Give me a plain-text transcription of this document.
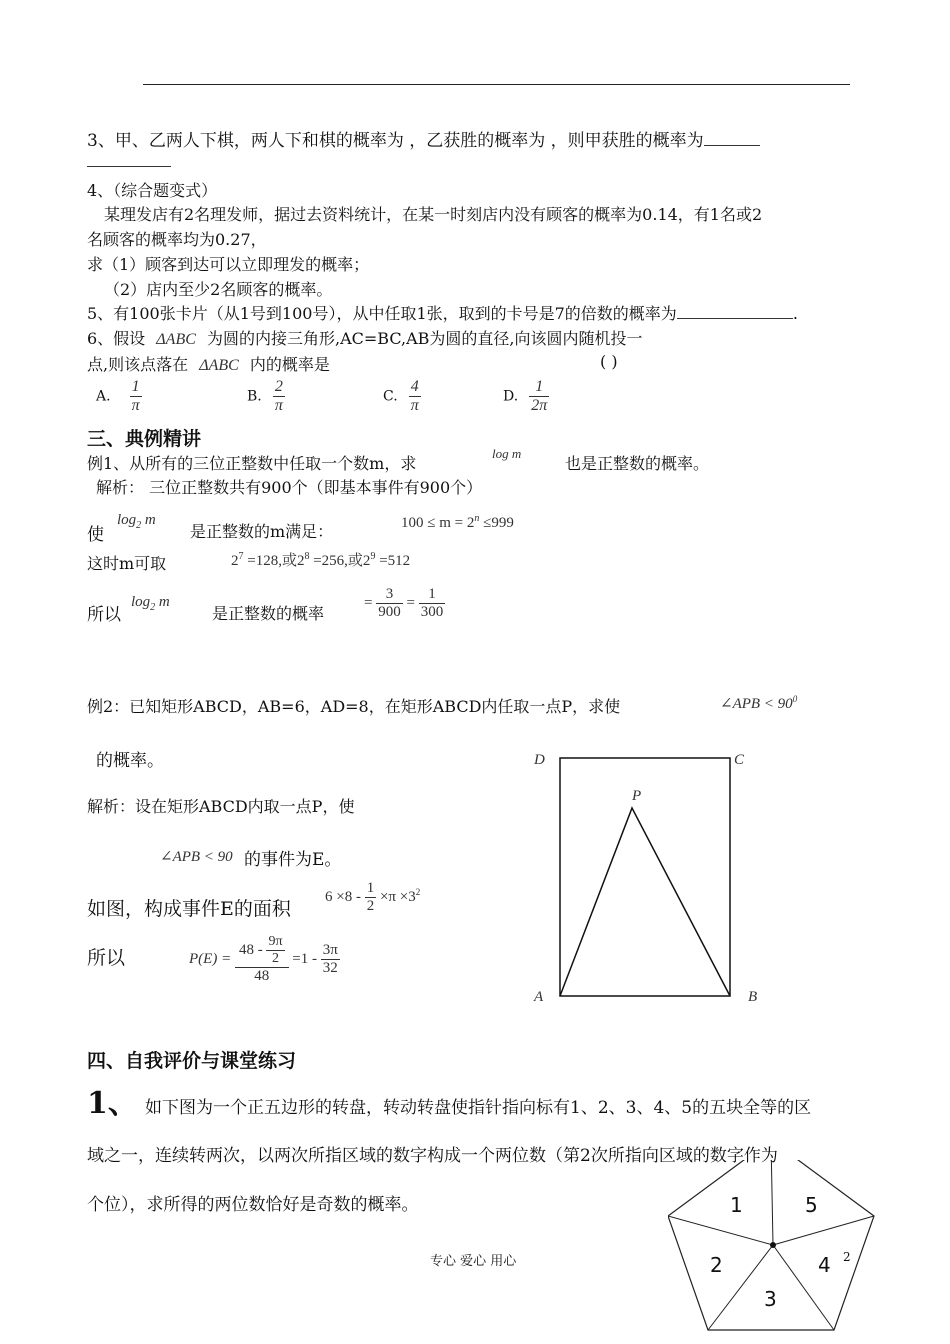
3、甲、乙两人下棋，两人下和棋的概率为 ，乙获胜的概率为 ，则甲获胜的概率为
4、（综合题变式）
某理发店有2名理发师，据过去资料统计，在某一时刻店内没有顾客的概率为0.14，有1名或2
名顾客的概率均为0.27，
求（1）顾客到达可以立即理发的概率；
（2）店内至少2名顾客的概率。
5、有100张卡片（从1号到100号），从中任取1张，取到的卡号是7的倍数的概率为	.
6、假设 ΔABC 为圆的内接三角形,AC=BC,AB为圆的直径,向该圆内随机投一
点,则该点落在 ΔABC 内的概率是	( )
A. $\frac{1}{\pi}$	B. $\frac{2}{\pi}$	C. $\frac{4}{\pi}$	D. $\frac{1}{2\pi}$
三、典例精讲
例1、从所有的三位正整数中任取一个数m，求
log m
也是正整数的概率。
解析： 三位正整数共有900个（即基本事件有900个）
使
$\log_2 m$
是正整数的m满足：	$100 \le m = 2^n \le 999$
这时m可取	$2^7 =128$,或$2^8 =256$,或$2^9 =512$
所以
$\log_2 m$
是正整数的概率
= $\frac{3}{900} = \frac{1}{300}$
例2：已知矩形ABCD，AB=6，AD=8，在矩形ABCD内任取一点P，求使	∠APB < $90^0$
的概率。
解析：设在矩形ABCD内取一点P，使
∠APB < 90 的事件为E。
如图，构成事件E的面积
$6 \times 8 - \frac{1}{2} \times\pi \times 3^2$
所以	$P(E) = \frac{48 - \frac{9\pi}{2}}{48} =1 - \frac{3\pi}{32}$
D	C
P
A	B
四、自我评价与课堂练习
1、 如下图为一个正五边形的转盘，转动转盘使指针指向标有1、2、3、4、5的五块全等的区
域之一，连续转两次，以两次所指区域的数字构成一个两位数（第2次所指向区域的数字作为
个位），求所得的两位数恰好是奇数的概率。	1	5
4
3
2
专心 爱心 用心	2
